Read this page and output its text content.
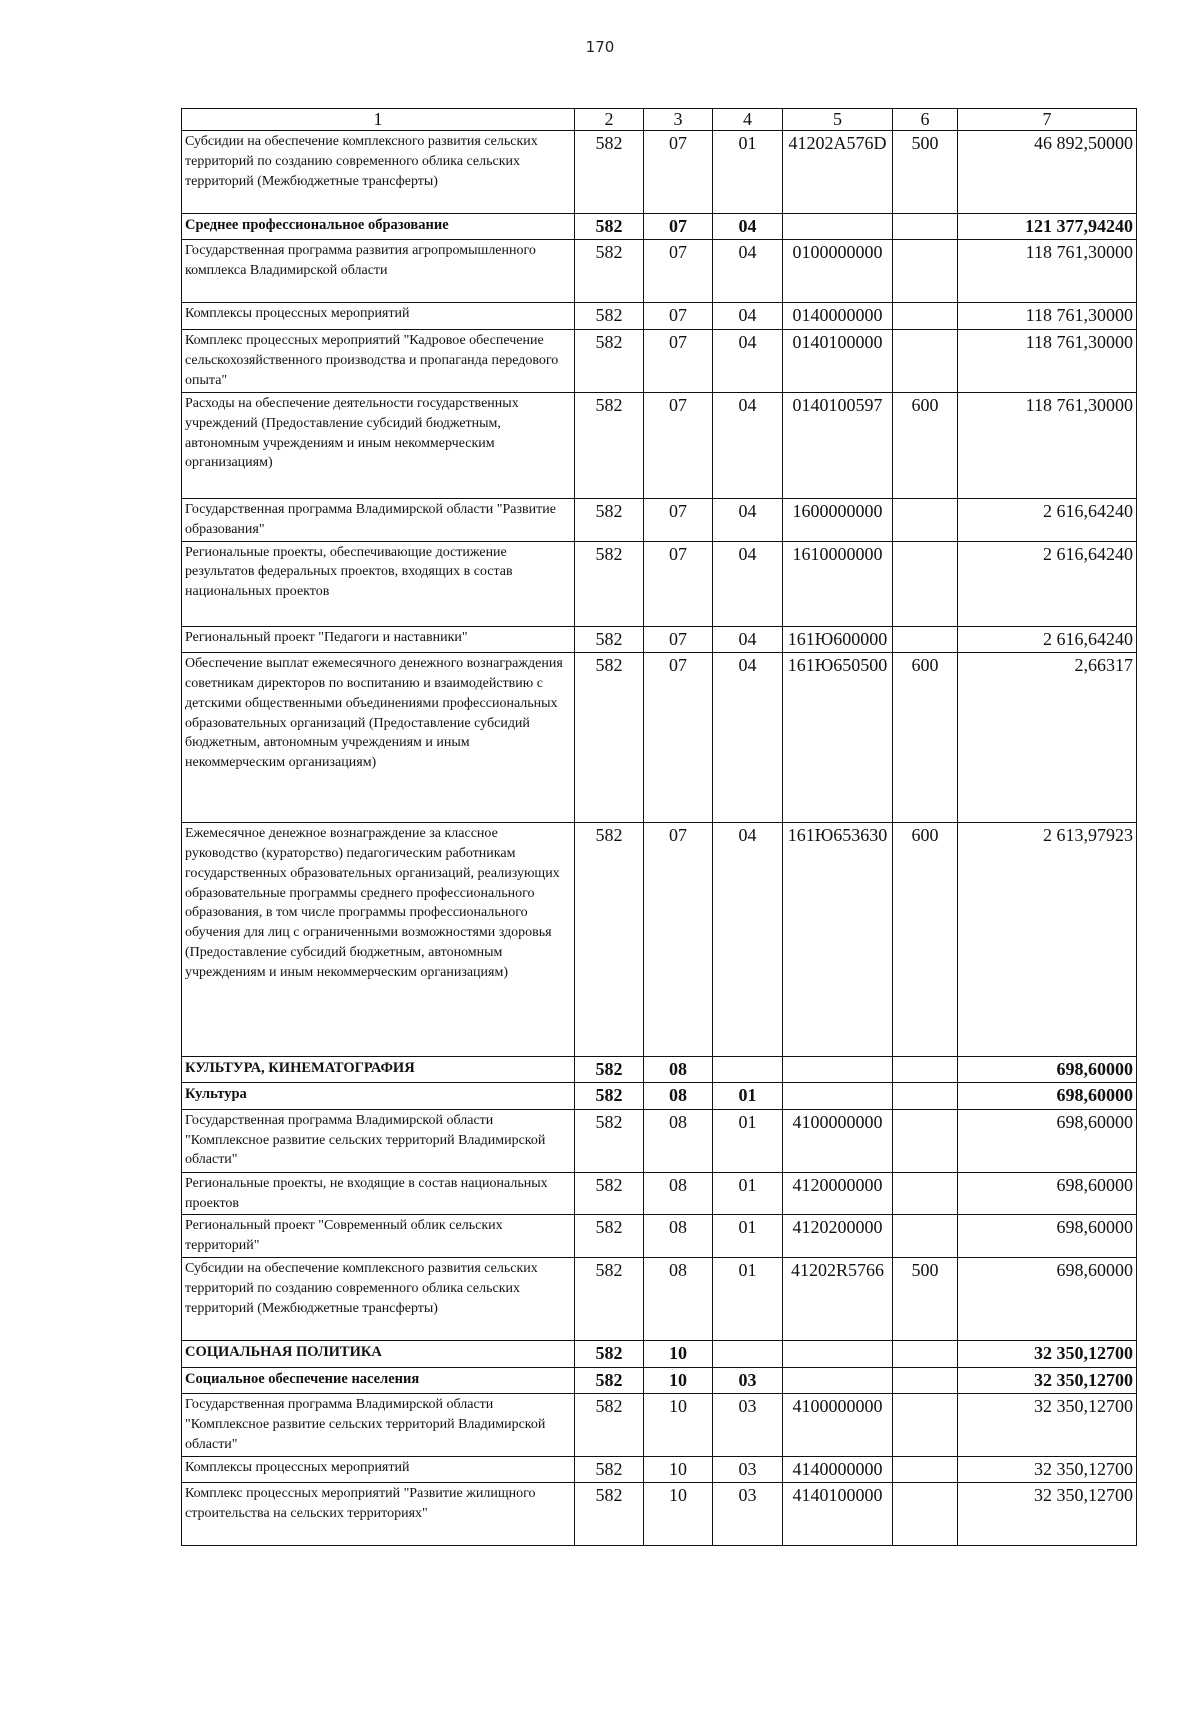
170
1	2	3	4	5	6	7
Субсидии на обеспечение комплексного развития сельских территорий по созданию современного облика сельских территорий (Межбюджетные трансферты)	582	07	01	41202А576D	500	46 892,50000
Среднее профессиональное образование	582	07	04			121 377,94240
Государственная программа развития агропромышленного комплекса Владимирской области	582	07	04	0100000000		118 761,30000
Комплексы процессных мероприятий	582	07	04	0140000000		118 761,30000
Комплекс процессных мероприятий "Кадровое обеспечение сельскохозяйственного производства и пропаганда передового опыта"	582	07	04	0140100000		118 761,30000
Расходы на обеспечение деятельности государственных учреждений (Предоставление субсидий бюджетным, автономным учреждениям и иным некоммерческим организациям)	582	07	04	0140100597	600	118 761,30000
Государственная программа Владимирской области "Развитие образования"	582	07	04	1600000000		2 616,64240
Региональные проекты, обеспечивающие достижение результатов федеральных проектов, входящих в состав национальных проектов	582	07	04	1610000000		2 616,64240
Региональный проект "Педагоги и наставники"	582	07	04	161Ю600000		2 616,64240
Обеспечение выплат ежемесячного денежного вознаграждения советникам директоров по воспитанию и взаимодействию с детскими общественными объединениями профессиональных образовательных организаций (Предоставление субсидий бюджетным, автономным учреждениям и иным некоммерческим организациям)	582	07	04	161Ю650500	600	2,66317
Ежемесячное денежное вознаграждение за классное руководство (кураторство) педагогическим работникам государственных образовательных организаций, реализующих образовательные программы среднего профессионального образования, в том числе программы профессионального обучения для лиц с ограниченными возможностями здоровья (Предоставление субсидий бюджетным, автономным учреждениям и иным некоммерческим организациям)	582	07	04	161Ю653630	600	2 613,97923
КУЛЬТУРА, КИНЕМАТОГРАФИЯ	582	08				698,60000
Культура	582	08	01			698,60000
Государственная программа Владимирской области "Комплексное развитие сельских территорий Владимирской области"	582	08	01	4100000000		698,60000
Региональные проекты, не входящие в состав национальных проектов	582	08	01	4120000000		698,60000
Региональный проект "Современный облик сельских территорий"	582	08	01	4120200000		698,60000
Субсидии на обеспечение комплексного развития сельских территорий по созданию современного облика сельских территорий (Межбюджетные трансферты)	582	08	01	41202R5766	500	698,60000
СОЦИАЛЬНАЯ ПОЛИТИКА	582	10				32 350,12700
Социальное обеспечение населения	582	10	03			32 350,12700
Государственная программа Владимирской области "Комплексное развитие сельских территорий Владимирской области"	582	10	03	4100000000		32 350,12700
Комплексы процессных мероприятий	582	10	03	4140000000		32 350,12700
Комплекс процессных мероприятий "Развитие жилищного строительства на сельских территориях"	582	10	03	4140100000		32 350,12700
